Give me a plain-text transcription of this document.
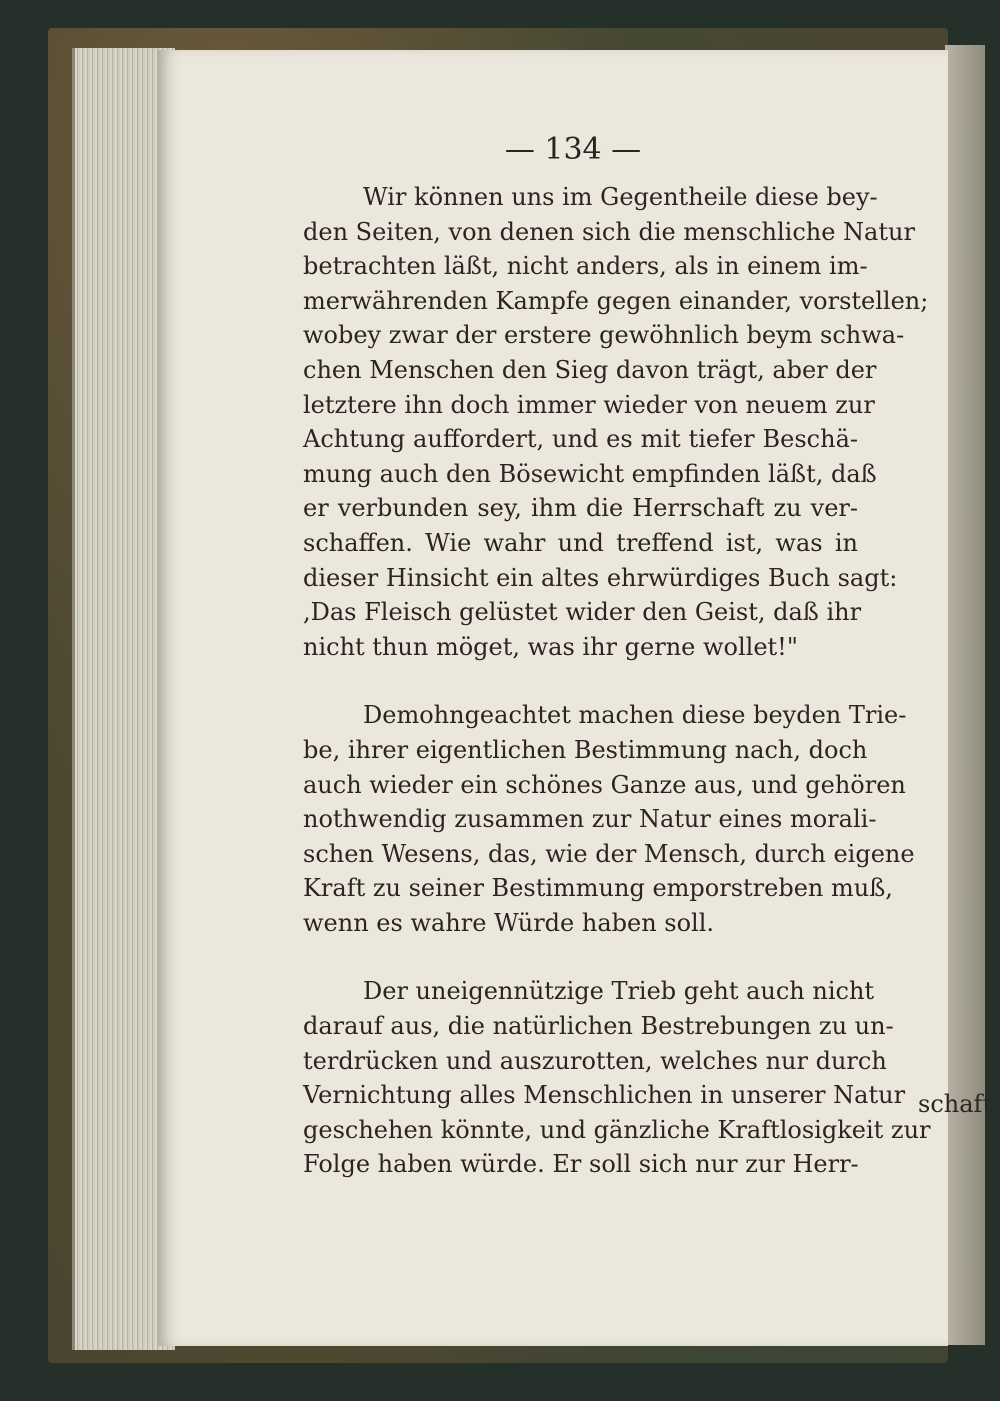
— 134 —
Wir können uns im Gegentheile diese bey-
den Seiten, von denen sich die menschliche Natur
betrachten läßt, nicht anders, als in einem im-
merwährenden Kampfe gegen einander, vorstellen;
wobey zwar der erstere gewöhnlich beym schwa-
chen Menschen den Sieg davon trägt, aber der
letztere ihn doch immer wieder von neuem zur
Achtung auffordert, und es mit tiefer Beschä-
mung auch den Bösewicht empfinden läßt, daß
er verbunden sey, ihm die Herrschaft zu ver-
schaffen. Wie wahr und treffend ist, was in
dieser Hinsicht ein altes ehrwürdiges Buch sagt:
,Das Fleisch gelüstet wider den Geist, daß ihr
nicht thun möget, was ihr gerne wollet!"
Demohngeachtet machen diese beyden Trie-
be, ihrer eigentlichen Bestimmung nach, doch
auch wieder ein schönes Ganze aus, und gehören
nothwendig zusammen zur Natur eines morali-
schen Wesens, das, wie der Mensch, durch eigene
Kraft zu seiner Bestimmung emporstreben muß,
wenn es wahre Würde haben soll.
Der uneigennützige Trieb geht auch nicht
darauf aus, die natürlichen Bestrebungen zu un-
terdrücken und auszurotten, welches nur durch
Vernichtung alles Menschlichen in unserer Natur
geschehen könnte, und gänzliche Kraftlosigkeit zur
Folge haben würde. Er soll sich nur zur Herr-
schaft
